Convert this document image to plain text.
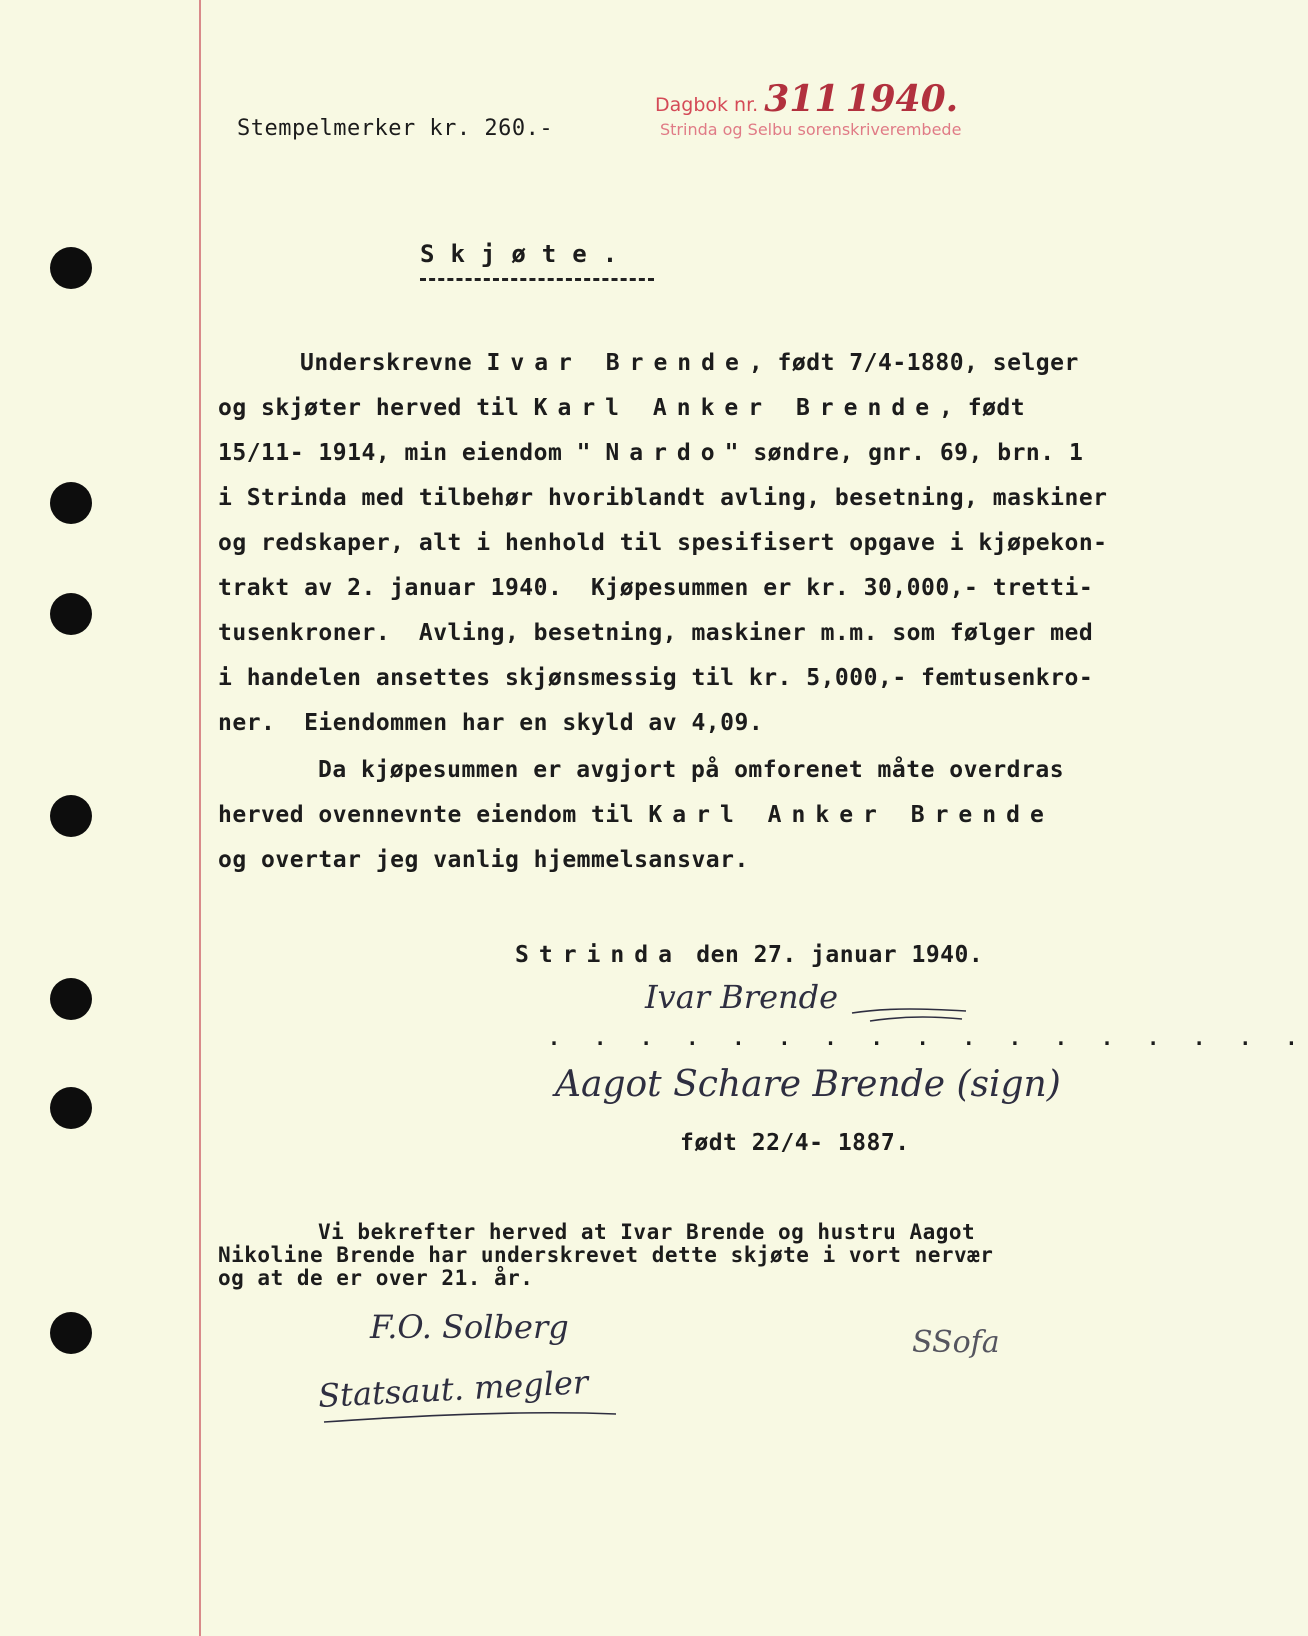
Dagbok nr. 311 1940.
Strinda og Selbu sorenskriverembede
Stempelmerker kr. 260.-
Skjøte.
Underskrevne Ivar Brende, født 7/4-1880, selger
og skjøter herved til Karl Anker Brende, født
15/11- 1914, min eiendom " Nardo" søndre, gnr. 69, brn. 1
i Strinda med tilbehør hvoriblandt avling, besetning, maskiner
og redskaper, alt i henhold til spesifisert opgave i kjøpekon-
trakt av 2. januar 1940.  Kjøpesummen er kr. 30,000,- tretti-
tusenkroner.  Avling, besetning, maskiner m.m. som følger med
i handelen ansettes skjønsmessig til kr. 5,000,- femtusenkro-
ner.  Eiendommen har en skyld av 4,09.
Da kjøpesummen er avgjort på omforenet måte overdras
herved ovennevnte eiendom til Karl Anker Brende
og overtar jeg vanlig hjemmelsansvar.
Strinda den 27. januar 1940.
Ivar Brende
. . . . . . . . . . . . . . . . .
Aagot Schare Brende (sign)
født 22/4- 1887.
Vi bekrefter herved at Ivar Brende og hustru Aagot
Nikoline Brende har underskrevet dette skjøte i vort nervær
og at de er over 21. år.
F.O. Solberg
Statsaut. megler
SSofa
